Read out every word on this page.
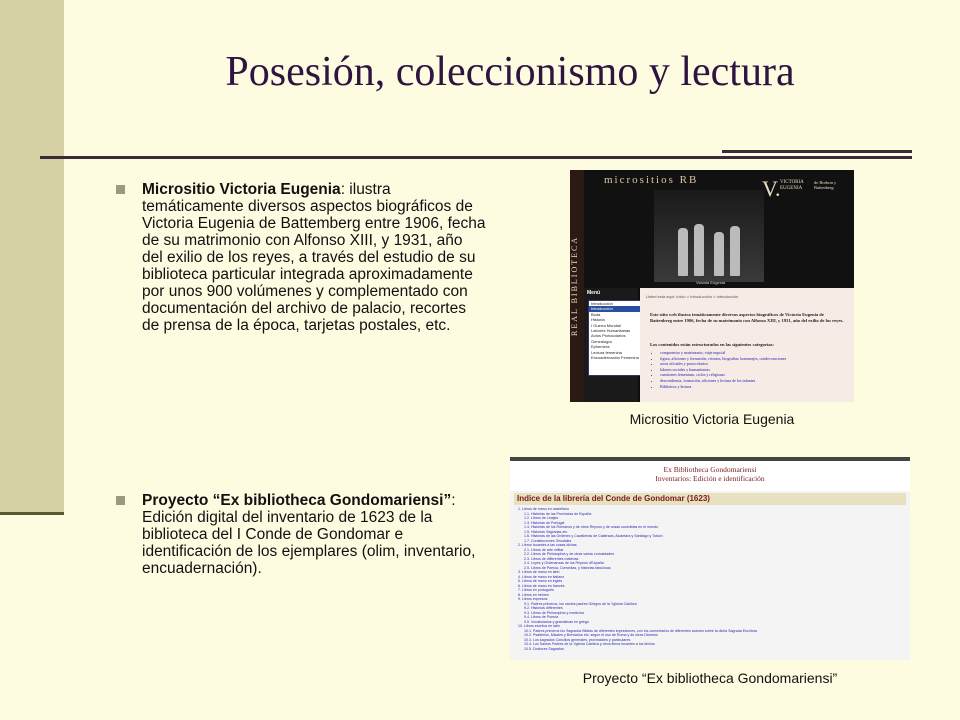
Posesión, coleccionismo y lectura
Micrositio Victoria Eugenia: ilustra temáticamente diversos aspectos biográficos de Victoria Eugenia de Battemberg entre 1906, fecha de su matrimonio con Alfonso XIII, y 1931, año del exilio de los reyes, a través del estudio de su biblioteca particular integrada aproximadamente por unos 900 volúmenes y complementado con documentación del archivo de palacio, recortes de prensa de la época, tarjetas postales, etc.
Proyecto “Ex bibliotheca Gondomariensi”: Edición digital del inventario de 1623 de la biblioteca del I Conde de Gondomar e identificación de los ejemplares (olim, inventario, encuadernación).
REAL BIBLIOTECA
micrositios RB	V. VICTORIA EUGENIA
de Borbon y Battenberg
Victoria Eugenia
Menú
Introducción
Introducción
Boda
Historia
I Guerra Mundial
Labores Humanitarias
Actos Protocolarios
Genealogía
Ephemera
Lectura femenina
Encuadernación Femenina
Usted está aquí: Inicio > Introducción > Introducción
Este sitio web ilustra temáticamente diversos aspectos biográficos de Victoria Eugenia de Battenberg entre 1906, fecha de su matrimonio con Alfonso XIII, y 1931, año del exilio de los reyes.
Los contenidos están estructurados en las siguientes categorías:
• compromiso y matrimonio, viaje nupcial
• figura, aficiones y formación, retratos, biografías, homenajes, condecoraciones
• actos oficiales y protocolarios
• labores sociales y humanitarias
• cuestiones femeninas, ciclos y religiosas
• descendencia, formación, aficiones y lectura de los infantes
• Biblioteca y lectura
Micrositio Victoria Eugenia
Ex Bibliotheca Gondomariensi
Inventarios: Edición e identificación
Indice de la librería del Conde de Gondomar (1623)
1. Libros de mano en castellano
1.1. Historias de las Provincias de España
1.2. Libros de Linajes
1.3. Historias de Portugal
1.4. Historias de los Romanos y de otros Reynos y de cosas sucedidas en el mundo
1.5. Historias Sagradas etc.
1.6. Historias de las Órdenes y Cavallerías de Calatrava, Alcántara y Santiago y Toisón
1.7. Constituciones Sinodales
2. Libros tocantes a las cosas dichas
2.1. Libros de arte militar
2.2. Libros de Philosophía y de otras varias curiosidades
2.3. Libros de differentes materias
2.4. Leyes y Ordenanzas de los Reynos d'España
2.5. Libros de Poesía, Comedias, y historias fabulosas
3. Libros de mano en latín
4. Libros de mano en italiano
5. Libros de mano en inglés
6. Libros de mano en francés
7. Libros en portugués
8. Libros en hebreo
9. Libros impresos
9.1. Padres primeros, los santos padres Griegos de la Yglesia Católica
9.2. Historias differentes
9.3. Libros de Philosophía y medicina
9.4. Libros de Poesía
9.5. Vocabularios y gramáticas en griego
10. Libros escritos en latín
10.1. Padres primeros los Sagrados Biblias de diferentes impresiones, con los comentarios de diferentes autores sobre la dicha Sagrada Escritura
10.2. Psalterios, Misales y Breviarios etc. según el uso de Roma y de otras Diócesis
10.3. Los sagrados Concilios generales, provinciales y particulares
10.4. Los Santos Padres de la Yglesia Católica y otros libros tocantes a los dichos
10.5. Doctores Sagrados
Proyecto “Ex bibliotheca Gondomariensi”
